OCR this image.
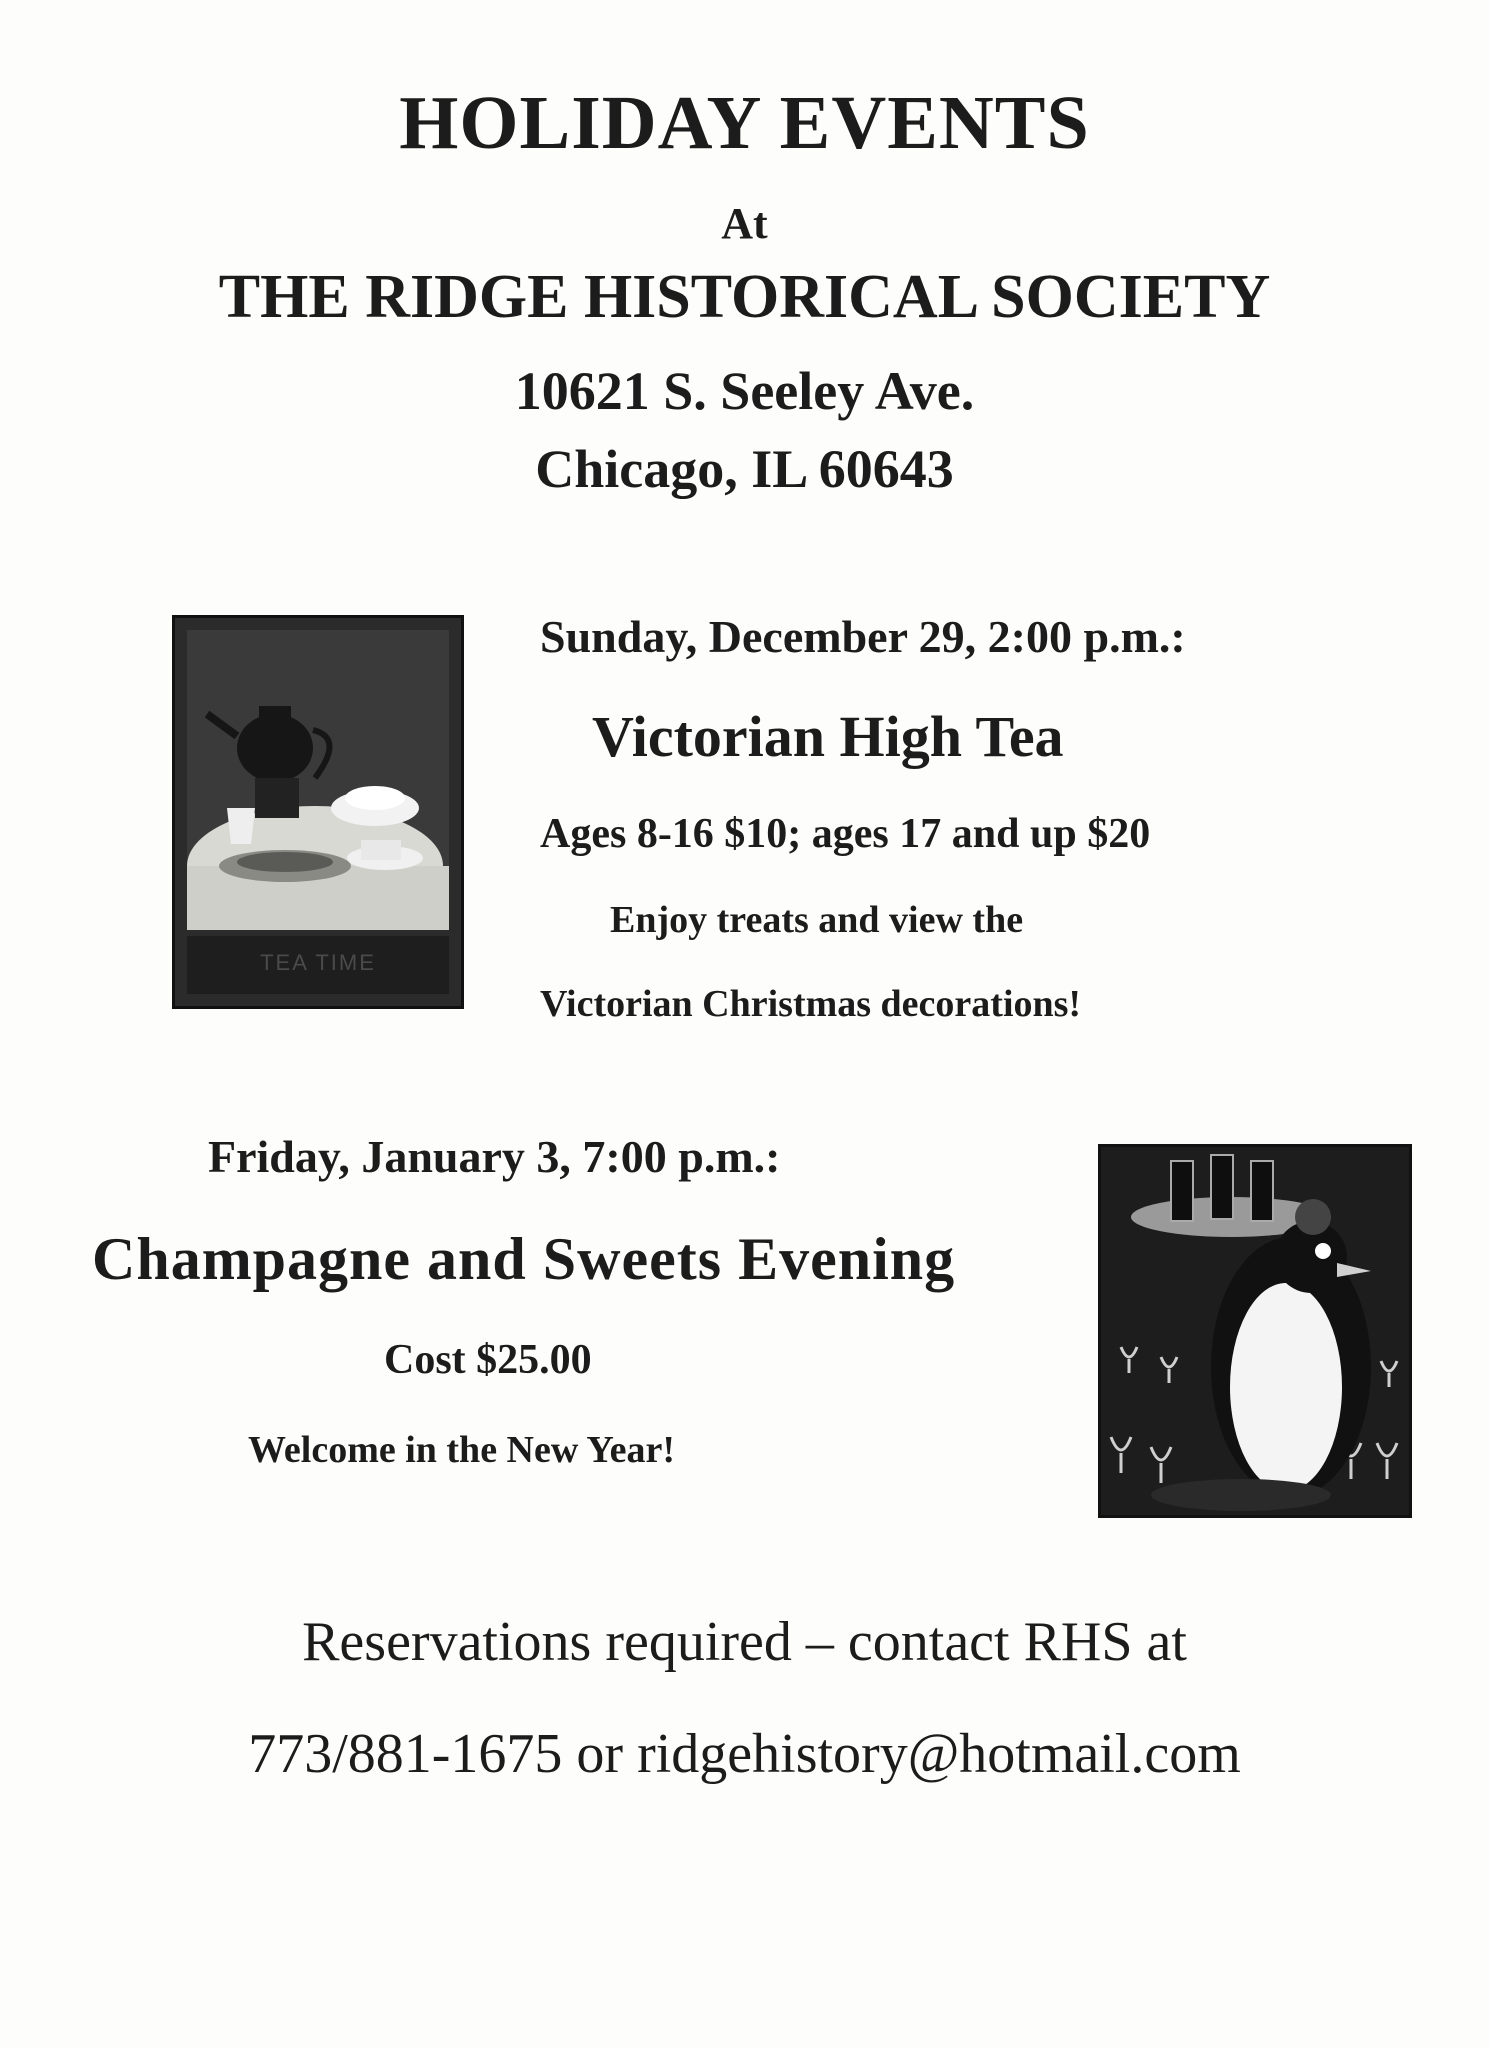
HOLIDAY EVENTS
At
THE RIDGE HISTORICAL SOCIETY
10621 S. Seeley Ave.
Chicago, IL 60643
TEA TIME
Sunday, December 29, 2:00 p.m.:
Victorian High Tea
Ages 8-16 $10; ages 17 and up $20
Enjoy treats and view the
Victorian Christmas decorations!
Friday, January 3, 7:00 p.m.:
Champagne and Sweets Evening
Cost $25.00
Welcome in the New Year!
Reservations required – contact RHS at
773/881-1675 or ridgehistory@hotmail.com
